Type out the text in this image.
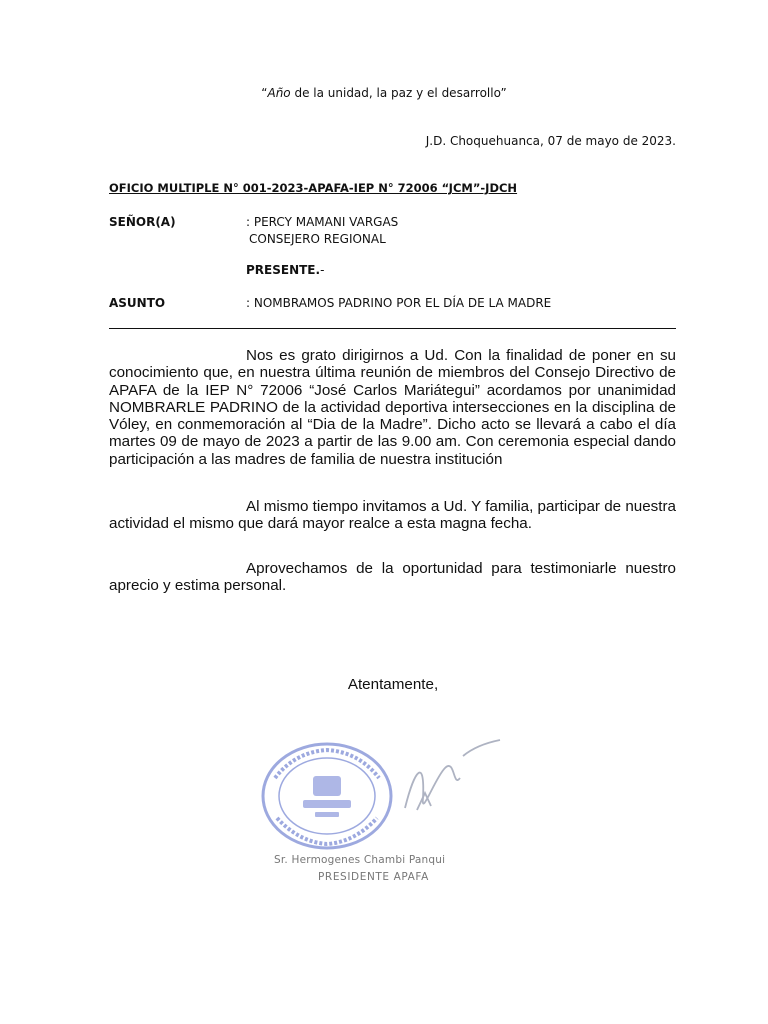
“Año de la unidad, la paz y el desarrollo”
J.D. Choquehuanca, 07 de mayo de 2023.
OFICIO MULTIPLE N° 001-2023-APAFA-IEP N° 72006 “JCM”-JDCH
SEÑOR(A)	: PERCY MAMANI VARGAS
CONSEJERO REGIONAL
PRESENTE.-
ASUNTO	: NOMBRAMOS PADRINO POR EL DÍA DE LA MADRE

Nos es grato dirigirnos a Ud. Con la finalidad de poner en su conocimiento que, en nuestra última reunión de miembros del Consejo Directivo de APAFA de la IEP N° 72006 “José Carlos Mariátegui” acordamos por unanimidad NOMBRARLE PADRINO de la actividad deportiva intersecciones en la disciplina de Vóley, en conmemoración al “Dia de la Madre”. Dicho acto se llevará a cabo el día martes 09 de mayo de 2023 a partir de las 9.00 am. Con ceremonia especial dando participación a las madres de familia de nuestra institución

Al mismo tiempo invitamos a Ud. Y familia, participar de nuestra actividad el mismo que dará mayor realce a esta magna fecha.

Aprovechamos de la oportunidad para testimoniarle nuestro aprecio y estima personal.

Atentamente,
Sr. Hermogenes Chambi Panqui
PRESIDENTE APAFA
